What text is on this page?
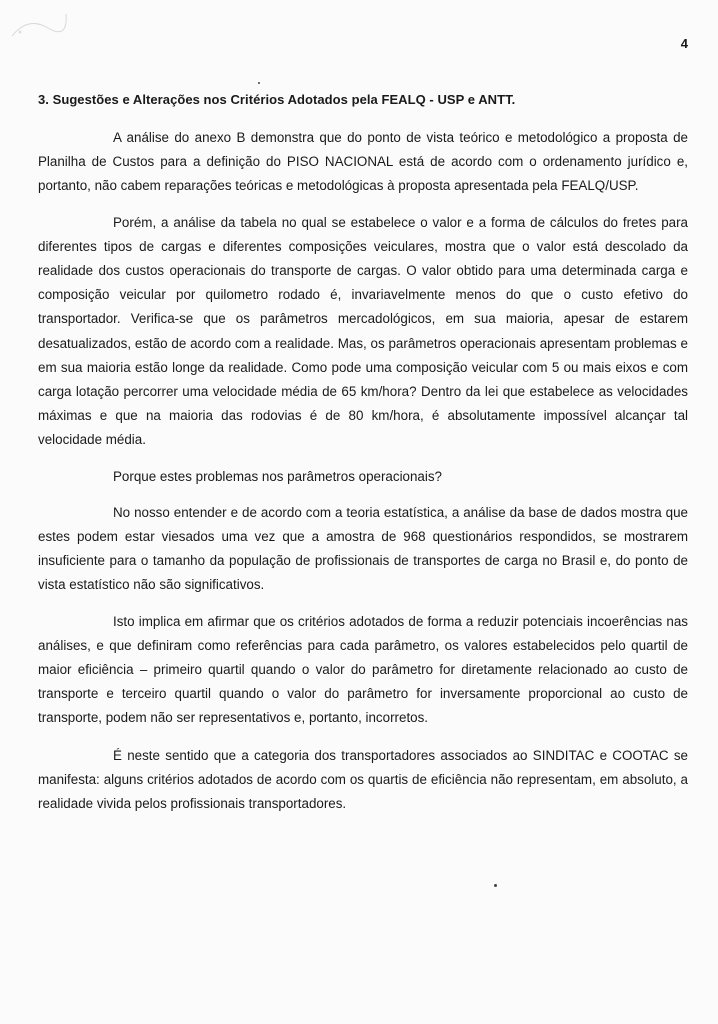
4

3. Sugestões e Alterações nos Critérios Adotados pela FEALQ - USP e ANTT.

A análise do anexo B demonstra que do ponto de vista teórico e metodológico a proposta de Planilha de Custos para a definição do PISO NACIONAL está de acordo com o ordenamento jurídico e, portanto, não cabem reparações teóricas e metodológicas à proposta apresentada pela FEALQ/USP.

Porém, a análise da tabela no qual se estabelece o valor e a forma de cálculos do fretes para diferentes tipos de cargas e diferentes composições veiculares, mostra que o valor está descolado da realidade dos custos operacionais do transporte de cargas. O valor obtido para uma determinada carga e composição veicular por quilometro rodado é, invariavelmente menos do que o custo efetivo do transportador. Verifica-se que os parâmetros mercadológicos, em sua maioria, apesar de estarem desatualizados, estão de acordo com a realidade. Mas, os parâmetros operacionais apresentam problemas e em sua maioria estão longe da realidade. Como pode uma composição veicular com 5 ou mais eixos e com carga lotação percorrer uma velocidade média de 65 km/hora? Dentro da lei que estabelece as velocidades máximas e que na maioria das rodovias é de 80 km/hora, é absolutamente impossível alcançar tal velocidade média.

Porque estes problemas nos parâmetros operacionais?

No nosso entender e de acordo com a teoria estatística, a análise da base de dados mostra que estes podem estar viesados uma vez que a amostra de 968 questionários respondidos, se mostrarem insuficiente para o tamanho da população de profissionais de transportes de carga no Brasil e, do ponto de vista estatístico não são significativos.

Isto implica em afirmar que os critérios adotados de forma a reduzir potenciais incoerências nas análises, e que definiram como referências para cada parâmetro, os valores estabelecidos pelo quartil de maior eficiência – primeiro quartil quando o valor do parâmetro for diretamente relacionado ao custo de transporte e terceiro quartil quando o valor do parâmetro for inversamente proporcional ao custo de transporte, podem não ser representativos e, portanto, incorretos.

É neste sentido que a categoria dos transportadores associados ao SINDITAC e COOTAC se manifesta: alguns critérios adotados de acordo com os quartis de eficiência não representam, em absoluto, a realidade vivida pelos profissionais transportadores.
